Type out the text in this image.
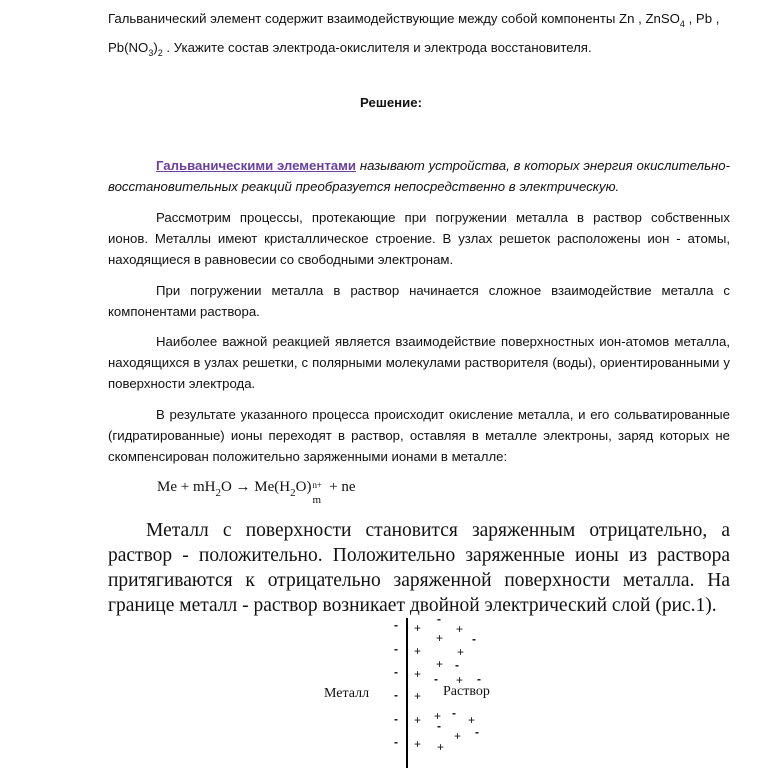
Гальванический элемент содержит взаимодействующие между собой компоненты Zn , ZnSO$_4$ , Pb ,

$Pb(NO_3)_2$ . Укажите состав электрода-окислителя и электрода восстановителя.

Решение:
Гальваническими элементами называют устройства, в которых энергия окислительно-восстановительных реакций преобразуется непосредственно в электрическую.
Рассмотрим процессы, протекающие при погружении металла в раствор собственных ионов. Металлы имеют кристаллическое строение. В узлах решеток расположены ион - атомы, находящиеся в равновесии со свободными электронам.
При погружении металла в раствор начинается сложное взаимодействие металла с компонентами раствора.
Наиболее важной реакцией является взаимодействие поверхностных ион-атомов металла, находящихся в узлах решетки, с полярными молекулами растворителя (воды), ориентированными у поверхности электрода.
В результате указанного процесса происходит окисление металла, и его сольватированные (гидратированные) ионы переходят в раствор, оставляя в металле электроны, заряд которых не скомпенсирован положительно заряженными ионами в металле:
$Me + mH_2O \to Me(H_2O)$ n+
m
+ ne
Металл с поверхности становится заряженным отрицательно, а раствор - положительно. Положительно заряженные ионы из раствора притягиваются к отрицательно заряженной поверхности металла. На границе металл - раствор возникает двойной электрический слой (рис.1).
Металл	Раствор
-
-
-
-
-
-
+
+
+
+
+
+
-
+
+ -
+
+ -
- + -
+ - +
-	-
+
+
